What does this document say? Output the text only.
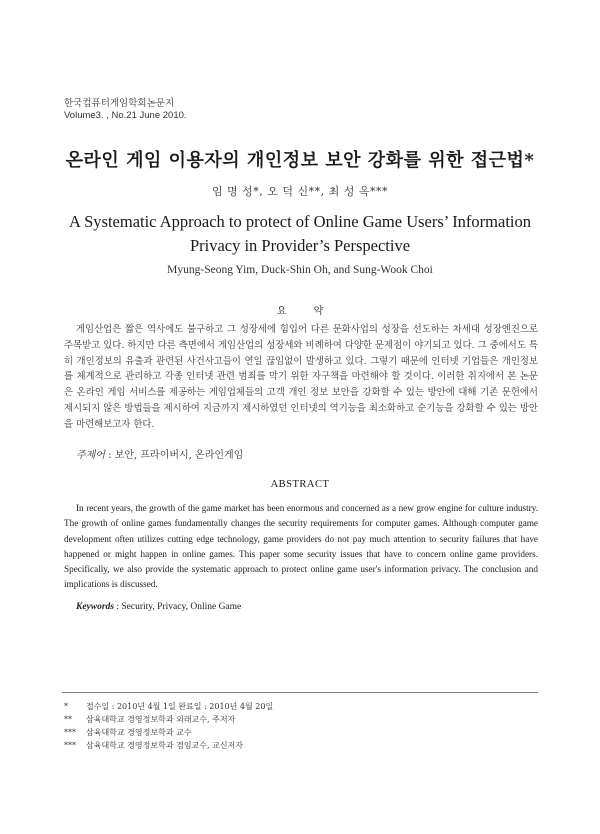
한국컴퓨터게임학회논문지
Volume3. , No.21 June 2010.
온라인 게임 이용자의 개인정보 보안 강화를 위한 접근법*
임 명 성*, 오 덕 신**, 최 성 옥***
A Systematic Approach to protect of Online Game Users’ Information Privacy in Provider’s Perspective
Myung-Seong Yim, Duck-Shin Oh, and Sung-Wook Choi
요 약

게임산업은 짧은 역사에도 불구하고 그 성장세에 힘입어 다른 문화사업의 성장을 선도하는 차세대 성장엔진으로 주목받고 있다. 하지만 다른 측면에서 게임산업의 성장세와 비례하여 다양한 문제점이 야기되고 있다. 그 중에서도 특히 개인정보의 유출과 관련된 사건사고들이 연일 끊임없이 발생하고 있다. 그렇기 때문에 인터넷 기업들은 개인정보를 체계적으로 관리하고 각종 인터넷 관련 범죄를 막기 위한 자구책을 마련해야 할 것이다. 이러한 취지에서 본 논문은 온라인 게임 서비스를 제공하는 게임업체들의 고객 개인 정보 보안을 강화할 수 있는 방안에 대해 기존 문헌에서 제시되지 않은 방법들을 제시하여 지금까지 제시하였던 인터넷의 역기능을 최소화하고 순기능을 강화할 수 있는 방안을 마련해보고자 한다.

주제어 : 보안, 프라이버시, 온라인게임
ABSTRACT

In recent years, the growth of the game market has been enormous and concerned as a new grow engine for culture industry. The growth of online games fundamentally changes the security requirements for computer games. Although computer game development often utilizes cutting edge technology, game providers do not pay much attention to security failures that have happened or might happen in online games. This paper some security issues that have to concern online game providers. Specifically, we also provide the systematic approach to protect online game user's information privacy. The conclusion and implications is discussed.

Keywords : Security, Privacy, Online Game
*	접수일 : 2010년 4월 1일 완료일 : 2010년 4월 20일
**	삼육대학교 경영정보학과 외래교수, 주저자
***	삼육대학교 경영정보학과 교수
***	삼육대학교 경영정보학과 겸임교수, 교신저자
